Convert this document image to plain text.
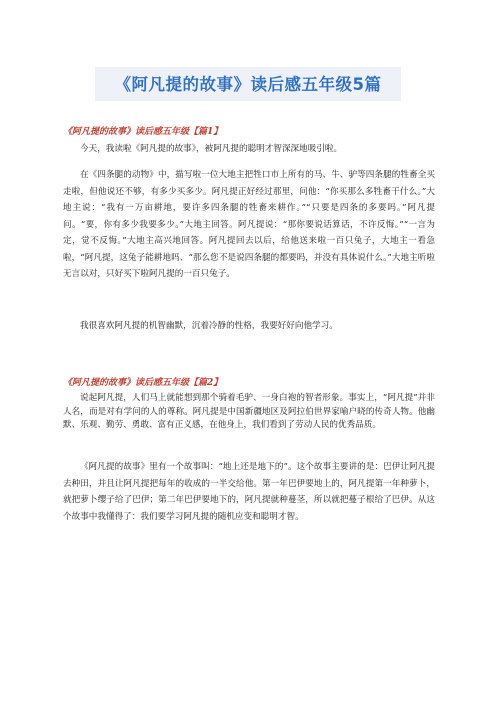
《阿凡提的故事》读后感五年级5篇
《阿凡提的故事》读后感五年级【篇1】

今天，我读啦《阿凡提的故事》，被阿凡提的聪明才智深深地吸引啦。

在《四条腿的动物》中，描写啦一位大地主把牲口市上所有的马、牛、驴等四条腿的牲畜全买走啦，但他说还不够，有多少买多少。阿凡提正好经过那里，问他：“你买那么多牲畜干什么。”大地主说：“我有一万亩耕地，要许多四条腿的牲畜来耕作。”“只要是四条的多要吗。”阿凡提问。“要，你有多少我要多少。”大地主回答。阿凡提说：“那你要说话算话，不许反悔。”“一言为定，觉不反悔。”大地主高兴地回答。阿凡提回去以后，给他送来啦一百只兔子，大地主一看急啦，“阿凡提，这兔子能耕地吗、“那么您不是说四条腿的都要吗，并没有具体说什么。”大地主听啦无言以对，只好买下啦阿凡提的一百只兔子。

我很喜欢阿凡提的机智幽默，沉着冷静的性格，我要好好向他学习。

《阿凡提的故事》读后感五年级【篇2】

说起阿凡提，人们马上就能想到那个骑着毛驴、一身白袍的智者形象。事实上，“阿凡提”并非人名，而是对有学问的人的尊称。阿凡提是中国新疆地区及阿拉伯世界家喻户晓的传奇人物。他幽默、乐观、勤劳、勇敢、富有正义感，在他身上，我们看到了劳动人民的优秀品质。

《阿凡提的故事》里有一个故事叫：“地上还是地下的”。这个故事主要讲的是：巴伊让阿凡提去种田，并且让阿凡提把每年的收成的一半交给他。第一年巴伊要地上的，阿凡提第一年种萝卜，就把萝卜缨子给了巴伊；第二年巴伊要地下的，阿凡提就种蔓茎，所以就把蔓子根给了巴伊。从这个故事中我懂得了：我们要学习阿凡提的随机应变和聪明才智。
